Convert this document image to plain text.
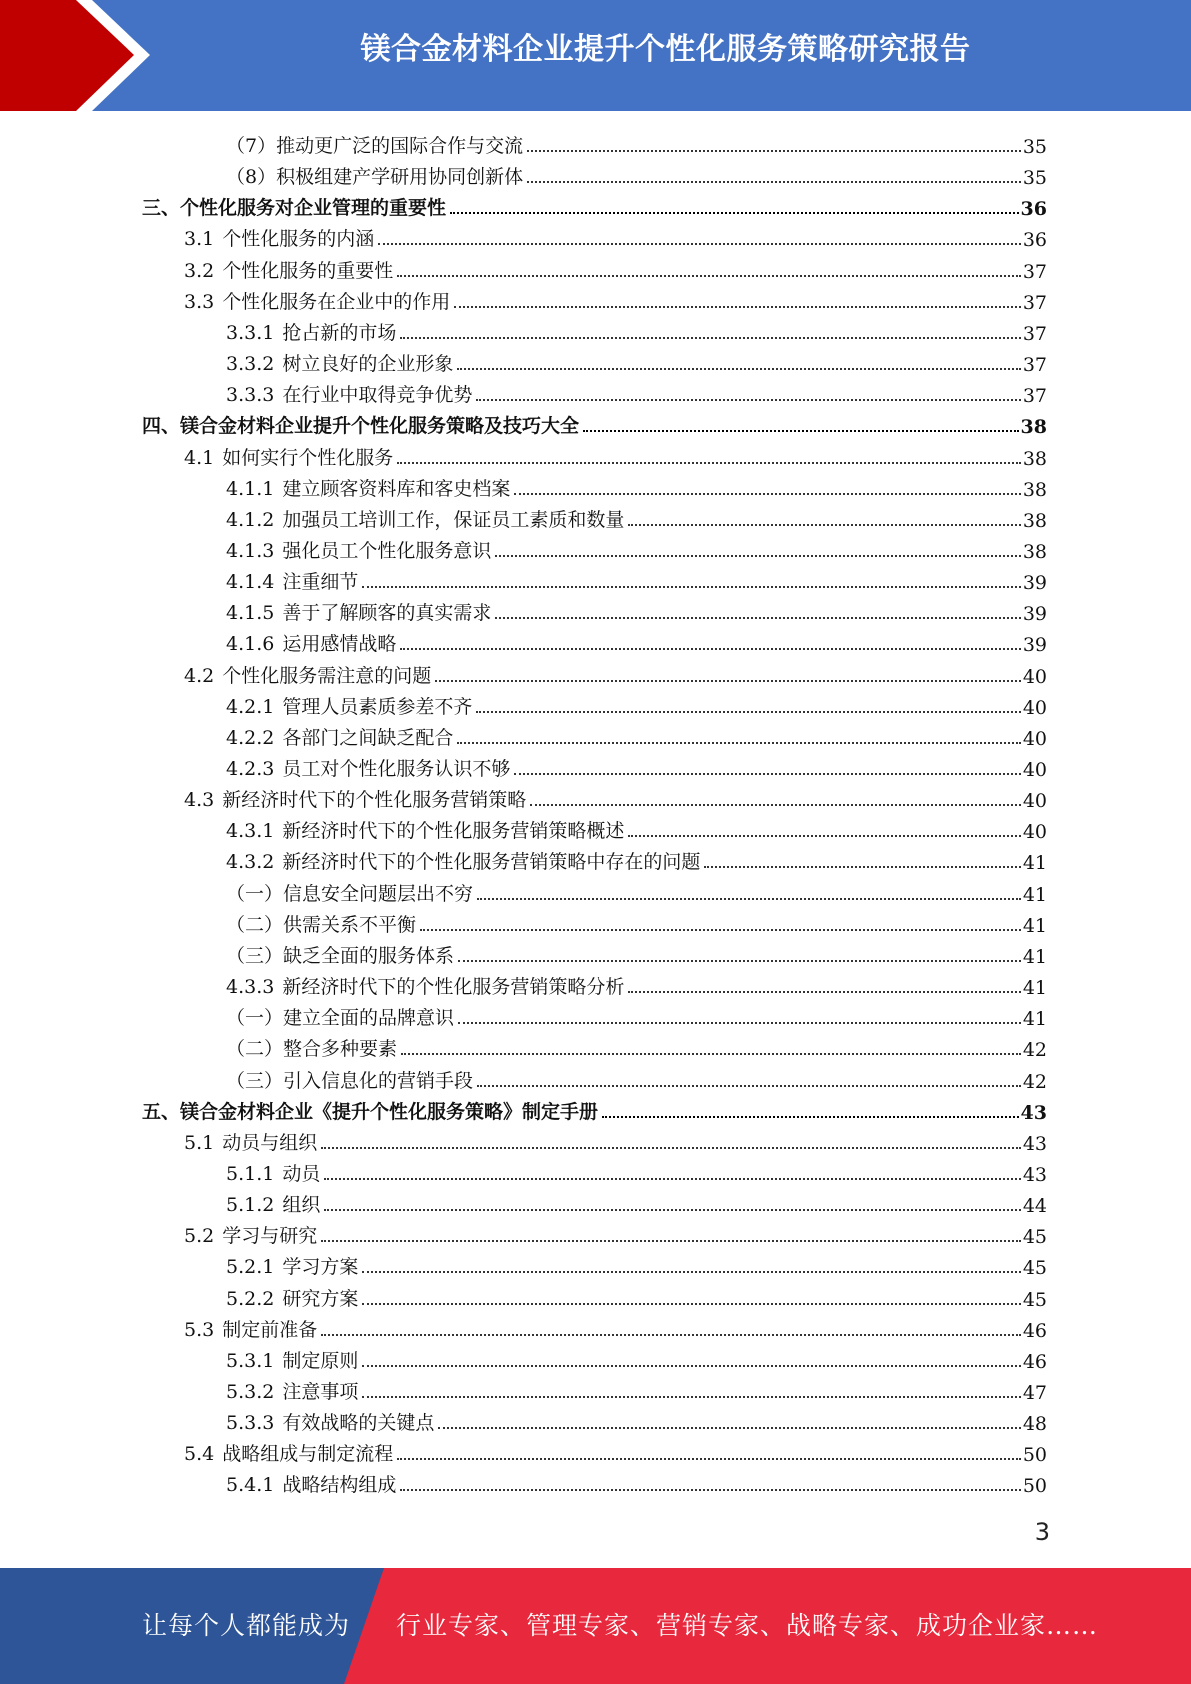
镁合金材料企业提升个性化服务策略研究报告
（7）推动更广泛的国际合作与交流	35
（8）积极组建产学研用协同创新体	35
三、个性化服务对企业管理的重要性	36
3.1 个性化服务的内涵	36
3.2 个性化服务的重要性	37
3.3 个性化服务在企业中的作用	37
3.3.1 抢占新的市场	37
3.3.2 树立良好的企业形象	37
3.3.3 在行业中取得竞争优势	37
四、镁合金材料企业提升个性化服务策略及技巧大全	38
4.1 如何实行个性化服务	38
4.1.1 建立顾客资料库和客史档案	38
4.1.2 加强员工培训工作，保证员工素质和数量	38
4.1.3 强化员工个性化服务意识	38
4.1.4 注重细节	39
4.1.5 善于了解顾客的真实需求	39
4.1.6 运用感情战略	39
4.2 个性化服务需注意的问题	40
4.2.1 管理人员素质参差不齐	40
4.2.2 各部门之间缺乏配合	40
4.2.3 员工对个性化服务认识不够	40
4.3 新经济时代下的个性化服务营销策略	40
4.3.1 新经济时代下的个性化服务营销策略概述	40
4.3.2 新经济时代下的个性化服务营销策略中存在的问题	41
（一）信息安全问题层出不穷	41
（二）供需关系不平衡	41
（三）缺乏全面的服务体系	41
4.3.3 新经济时代下的个性化服务营销策略分析	41
（一）建立全面的品牌意识	41
（二）整合多种要素	42
（三）引入信息化的营销手段	42
五、镁合金材料企业《提升个性化服务策略》制定手册	43
5.1 动员与组织	43
5.1.1 动员	43
5.1.2 组织	44
5.2 学习与研究	45
5.2.1 学习方案	45
5.2.2 研究方案	45
5.3 制定前准备	46
5.3.1 制定原则	46
5.3.2 注意事项	47
5.3.3 有效战略的关键点	48
5.4 战略组成与制定流程	50
5.4.1 战略结构组成	50
3
让每个人都能成为 行业专家、管理专家、营销专家、战略专家、成功企业家……
